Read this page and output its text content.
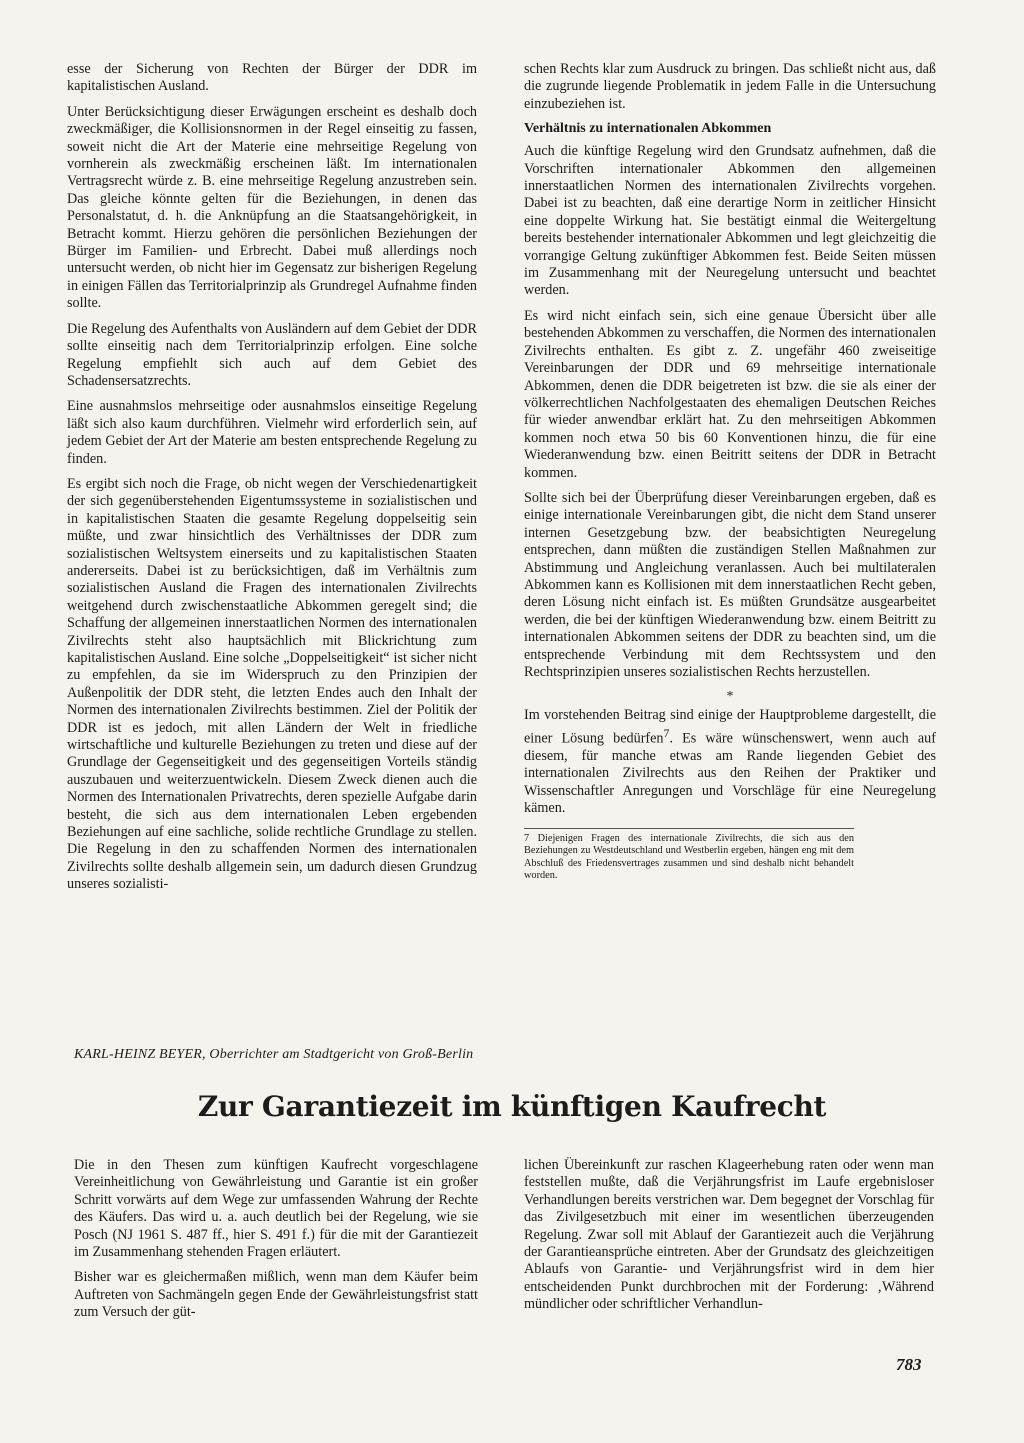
esse der Sicherung von Rechten der Bürger der DDR im kapitalistischen Ausland.

Unter Berücksichtigung dieser Erwägungen erscheint es deshalb doch zweckmäßiger, die Kollisionsnormen in der Regel einseitig zu fassen, soweit nicht die Art der Materie eine mehrseitige Regelung von vornherein als zweckmäßig erscheinen läßt. Im internationalen Vertragsrecht würde z. B. eine mehrseitige Regelung anzustreben sein. Das gleiche könnte gelten für die Beziehungen, in denen das Personalstatut, d. h. die Anknüpfung an die Staatsangehörigkeit, in Betracht kommt. Hierzu gehören die persönlichen Beziehungen der Bürger im Familien- und Erbrecht. Dabei muß allerdings noch untersucht werden, ob nicht hier im Gegensatz zur bisherigen Regelung in einigen Fällen das Territorialprinzip als Grundregel Aufnahme finden sollte.

Die Regelung des Aufenthalts von Ausländern auf dem Gebiet der DDR sollte einseitig nach dem Territorialprinzip erfolgen. Eine solche Regelung empfiehlt sich auch auf dem Gebiet des Schadensersatzrechts.

Eine ausnahmslos mehrseitige oder ausnahmslos einseitige Regelung läßt sich also kaum durchführen. Vielmehr wird erforderlich sein, auf jedem Gebiet der Art der Materie am besten entsprechende Regelung zu finden.

Es ergibt sich noch die Frage, ob nicht wegen der Verschiedenartigkeit der sich gegenüberstehenden Eigentumssysteme in sozialistischen und in kapitalistischen Staaten die gesamte Regelung doppelseitig sein müßte, und zwar hinsichtlich des Verhältnisses der DDR zum sozialistischen Weltsystem einerseits und zu kapitalistischen Staaten andererseits. Dabei ist zu berücksichtigen, daß im Verhältnis zum sozialistischen Ausland die Fragen des internationalen Zivilrechts weitgehend durch zwischenstaatliche Abkommen geregelt sind; die Schaffung der allgemeinen innerstaatlichen Normen des internationalen Zivilrechts steht also hauptsächlich mit Blickrichtung zum kapitalistischen Ausland. Eine solche „Doppelseitigkeit“ ist sicher nicht zu empfehlen, da sie im Widerspruch zu den Prinzipien der Außenpolitik der DDR steht, die letzten Endes auch den Inhalt der Normen des internationalen Zivilrechts bestimmen. Ziel der Politik der DDR ist es jedoch, mit allen Ländern der Welt in friedliche wirtschaftliche und kulturelle Beziehungen zu treten und diese auf der Grundlage der Gegenseitigkeit und des gegenseitigen Vorteils ständig auszubauen und weiterzuentwickeln. Diesem Zweck dienen auch die Normen des Internationalen Privatrechts, deren spezielle Aufgabe darin besteht, die sich aus dem internationalen Leben ergebenden Beziehungen auf eine sachliche, solide rechtliche Grundlage zu stellen. Die Regelung in den zu schaffenden Normen des internationalen Zivilrechts sollte deshalb allgemein sein, um dadurch diesen Grundzug unseres sozialisti-

schen Rechts klar zum Ausdruck zu bringen. Das schließt nicht aus, daß die zugrunde liegende Problematik in jedem Falle in die Untersuchung einzubeziehen ist.

Verhältnis zu internationalen Abkommen

Auch die künftige Regelung wird den Grundsatz aufnehmen, daß die Vorschriften internationaler Abkommen den allgemeinen innerstaatlichen Normen des internationalen Zivilrechts vorgehen. Dabei ist zu beachten, daß eine derartige Norm in zeitlicher Hinsicht eine doppelte Wirkung hat. Sie bestätigt einmal die Weitergeltung bereits bestehender internationaler Abkommen und legt gleichzeitig die vorrangige Geltung zukünftiger Abkommen fest. Beide Seiten müssen im Zusammenhang mit der Neuregelung untersucht und beachtet werden.

Es wird nicht einfach sein, sich eine genaue Übersicht über alle bestehenden Abkommen zu verschaffen, die Normen des internationalen Zivilrechts enthalten. Es gibt z. Z. ungefähr 460 zweiseitige Vereinbarungen der DDR und 69 mehrseitige internationale Abkommen, denen die DDR beigetreten ist bzw. die sie als einer der völkerrechtlichen Nachfolgestaaten des ehemaligen Deutschen Reiches für wieder anwendbar erklärt hat. Zu den mehrseitigen Abkommen kommen noch etwa 50 bis 60 Konventionen hinzu, die für eine Wiederanwendung bzw. einen Beitritt seitens der DDR in Betracht kommen.

Sollte sich bei der Überprüfung dieser Vereinbarungen ergeben, daß es einige internationale Vereinbarungen gibt, die nicht dem Stand unserer internen Gesetzgebung bzw. der beabsichtigten Neuregelung entsprechen, dann müßten die zuständigen Stellen Maßnahmen zur Abstimmung und Angleichung veranlassen. Auch bei multilateralen Abkommen kann es Kollisionen mit dem innerstaatlichen Recht geben, deren Lösung nicht einfach ist. Es müßten Grundsätze ausgearbeitet werden, die bei der künftigen Wiederanwendung bzw. einem Beitritt zu internationalen Abkommen seitens der DDR zu beachten sind, um die entsprechende Verbindung mit dem Rechtssystem und den Rechtsprinzipien unseres sozialistischen Rechts herzustellen.

*

Im vorstehenden Beitrag sind einige der Hauptprobleme dargestellt, die einer Lösung bedürfen$^7$. Es wäre wünschenswert, wenn auch auf diesem, für manche etwas am Rande liegenden Gebiet des internationalen Zivilrechts aus den Reihen der Praktiker und Wissenschaftler Anregungen und Vorschläge für eine Neuregelung kämen.

7 Diejenigen Fragen des internationale Zivilrechts, die sich aus den Beziehungen zu Westdeutschland und Westberlin ergeben, hängen eng mit dem Abschluß des Friedensvertrages zusammen und sind deshalb nicht behandelt worden.
KARL-HEINZ BEYER, Oberrichter am Stadtgericht von Groß-Berlin
Zur Garantiezeit im künftigen Kaufrecht

Die in den Thesen zum künftigen Kaufrecht vorgeschlagene Vereinheitlichung von Gewährleistung und Garantie ist ein großer Schritt vorwärts auf dem Wege zur umfassenden Wahrung der Rechte des Käufers. Das wird u. a. auch deutlich bei der Regelung, wie sie Posch (NJ 1961 S. 487 ff., hier S. 491 f.) für die mit der Garantiezeit im Zusammenhang stehenden Fragen erläutert.

Bisher war es gleichermaßen mißlich, wenn man dem Käufer beim Auftreten von Sachmängeln gegen Ende der Gewährleistungsfrist statt zum Versuch der güt-

lichen Übereinkunft zur raschen Klageerhebung raten oder wenn man feststellen mußte, daß die Verjährungsfrist im Laufe ergebnisloser Verhandlungen bereits verstrichen war. Dem begegnet der Vorschlag für das Zivilgesetzbuch mit einer im wesentlichen überzeugenden Regelung. Zwar soll mit Ablauf der Garantiezeit auch die Verjährung der Garantieansprüche eintreten. Aber der Grundsatz des gleichzeitigen Ablaufs von Garantie- und Verjährungsfrist wird in dem hier entscheidenden Punkt durchbrochen mit der Forderung: ‚Während mündlicher oder schriftlicher Verhandlun-

783
